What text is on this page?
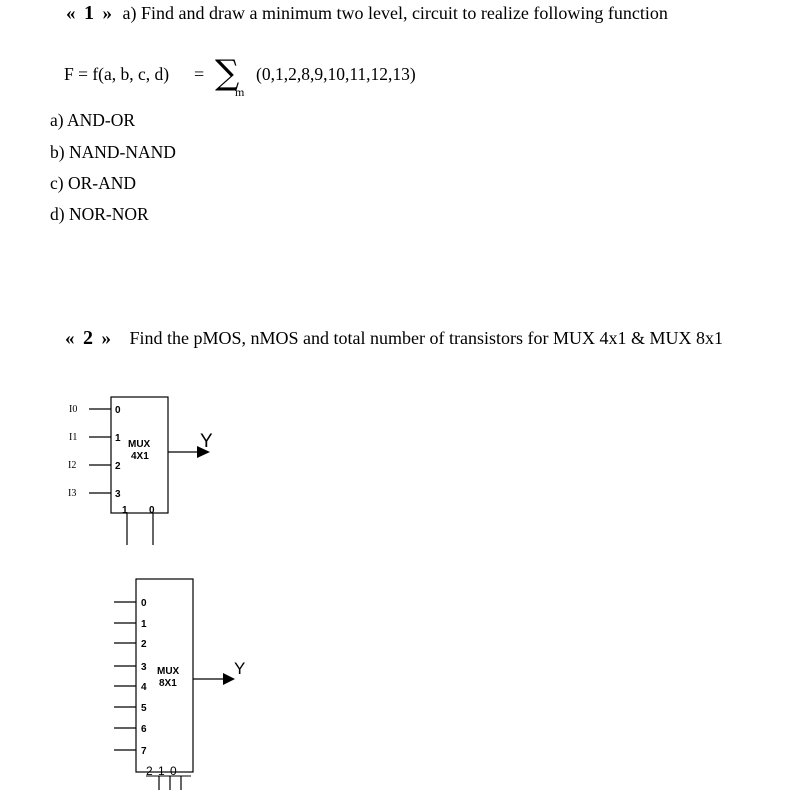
« 1 » a) Find and draw a minimum two level, circuit to realize following function
F = f(a, b, c, d) = ∑
m
(0,1,2,8,9,10,11,12,13)
a) AND-OR
b) NAND-NAND
c) OR-AND
d) NOR-NOR
« 2 » Find the pMOS, nMOS and total number of transistors for MUX 4x1 & MUX 8x1
I0
I1
I2
I3
0
1
2
3
MUX
4X1
Y
1 0
0
1
2
3
4
5
6
7
MUX
8X1
Y
2 1 0
